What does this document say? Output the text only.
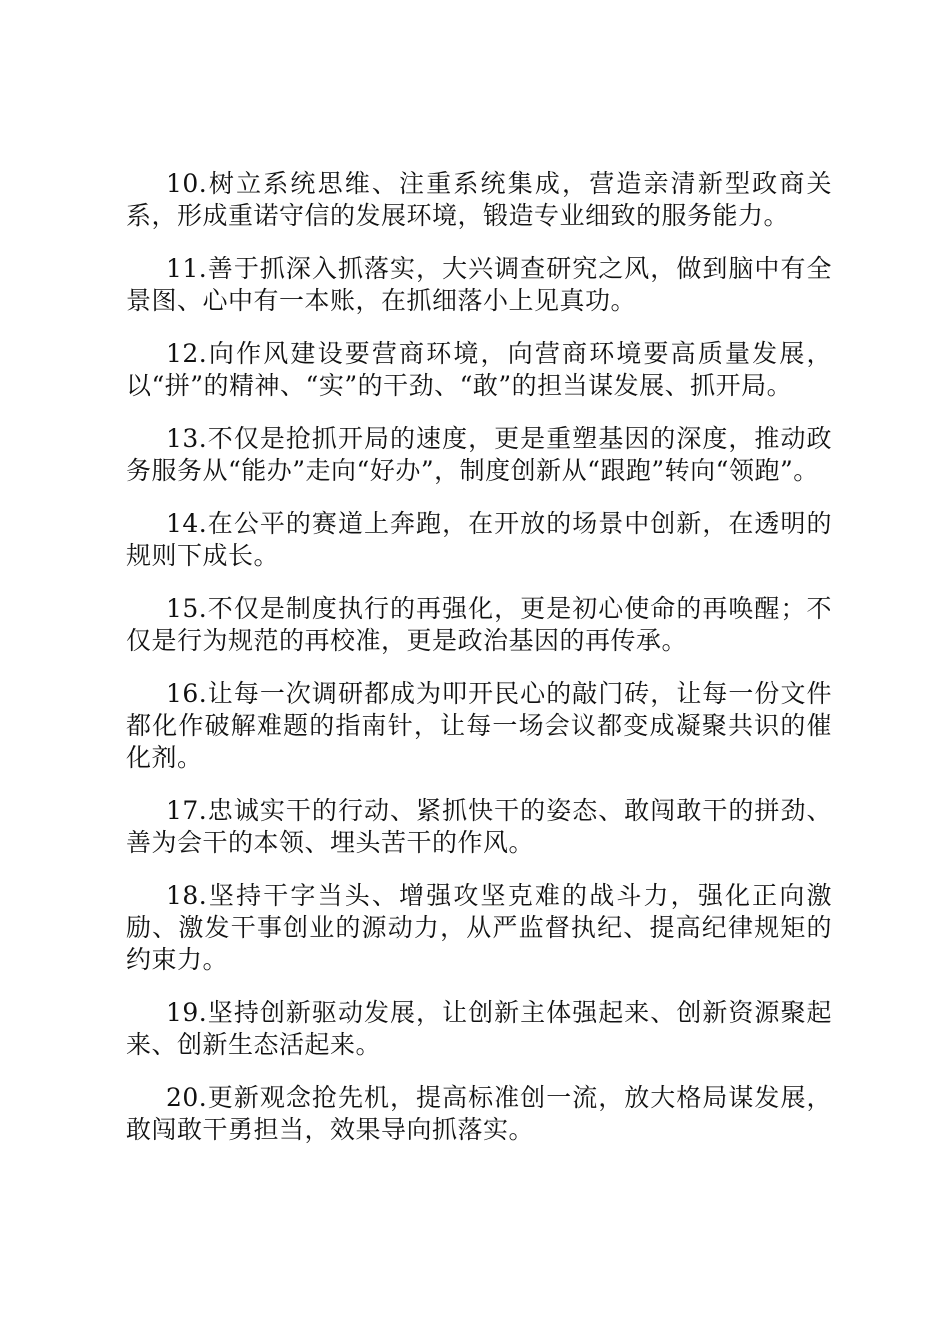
10.树立系统思维、注重系统集成，营造亲清新型政商关系，形成重诺守信的发展环境，锻造专业细致的服务能力。

11.善于抓深入抓落实，大兴调查研究之风，做到脑中有全景图、心中有一本账，在抓细落小上见真功。

12.向作风建设要营商环境，向营商环境要高质量发展，以“拼”的精神、“实”的干劲、“敢”的担当谋发展、抓开局。

13.不仅是抢抓开局的速度，更是重塑基因的深度，推动政务服务从“能办”走向“好办”，制度创新从“跟跑”转向“领跑”。

14.在公平的赛道上奔跑，在开放的场景中创新，在透明的规则下成长。

15.不仅是制度执行的再强化，更是初心使命的再唤醒；不仅是行为规范的再校准，更是政治基因的再传承。

16.让每一次调研都成为叩开民心的敲门砖，让每一份文件都化作破解难题的指南针，让每一场会议都变成凝聚共识的催化剂。

17.忠诚实干的行动、紧抓快干的姿态、敢闯敢干的拼劲、善为会干的本领、埋头苦干的作风。

18.坚持干字当头、增强攻坚克难的战斗力，强化正向激励、激发干事创业的源动力，从严监督执纪、提高纪律规矩的约束力。

19.坚持创新驱动发展，让创新主体强起来、创新资源聚起来、创新生态活起来。

20.更新观念抢先机，提高标准创一流，放大格局谋发展，敢闯敢干勇担当，效果导向抓落实。
